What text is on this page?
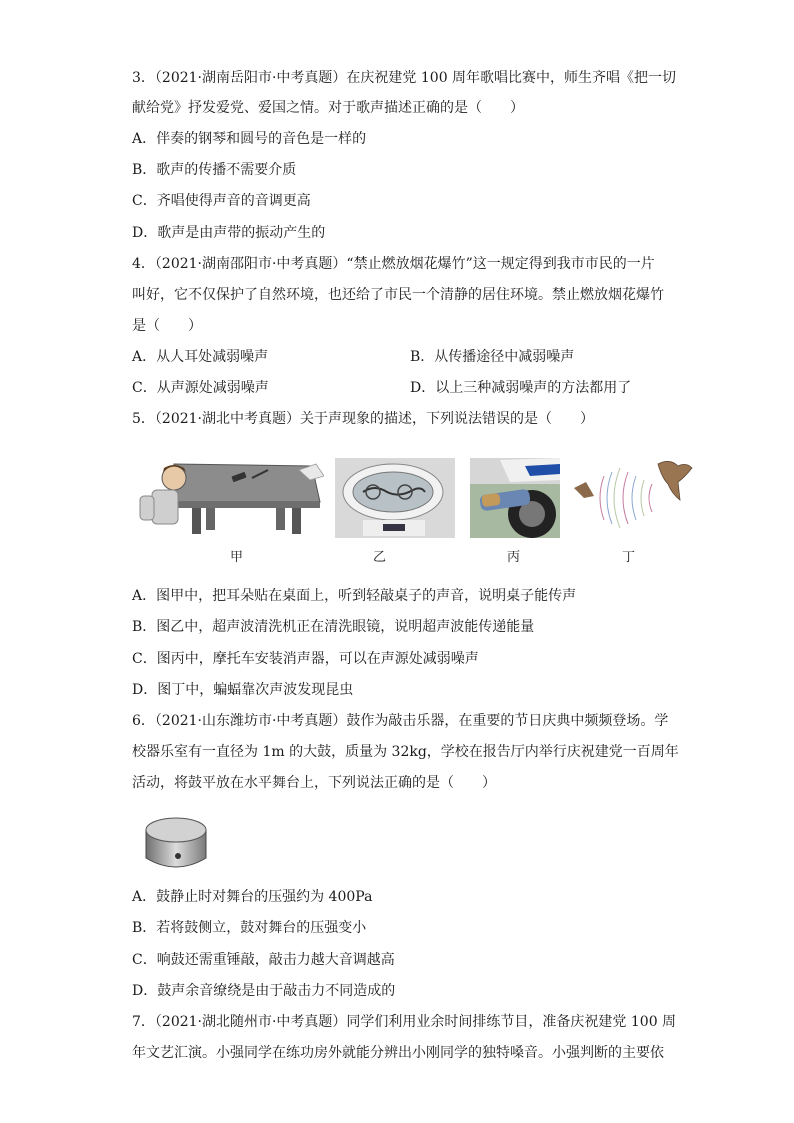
3．（2021·湖南岳阳市·中考真题）在庆祝建党 100 周年歌唱比赛中，师生齐唱《把一切
献给党》抒发爱党、爱国之情。对于歌声描述正确的是（　　）
A．伴奏的钢琴和圆号的音色是一样的
B．歌声的传播不需要介质
C．齐唱使得声音的音调更高
D．歌声是由声带的振动产生的
4．（2021·湖南邵阳市·中考真题）“禁止燃放烟花爆竹”这一规定得到我市市民的一片
叫好，它不仅保护了自然环境，也还给了市民一个清静的居住环境。禁止燃放烟花爆竹
是（　　）
A．从人耳处减弱噪声	B．从传播途径中减弱噪声
C．从声源处减弱噪声	D．以上三种减弱噪声的方法都用了
5．（2021·湖北中考真题）关于声现象的描述，下列说法错误的是（　　）
甲	乙	丙	丁
A．图甲中，把耳朵贴在桌面上，听到轻敲桌子的声音，说明桌子能传声
B．图乙中，超声波清洗机正在清洗眼镜，说明超声波能传递能量
C．图丙中，摩托车安装消声器，可以在声源处减弱噪声
D．图丁中，蝙蝠靠次声波发现昆虫
6．（2021·山东潍坊市·中考真题）鼓作为敲击乐器，在重要的节日庆典中频频登场。学
校器乐室有一直径为 1m 的大鼓，质量为 32kg，学校在报告厅内举行庆祝建党一百周年
活动，将鼓平放在水平舞台上，下列说法正确的是（　　）
A．鼓静止时对舞台的压强约为 400Pa
B．若将鼓侧立，鼓对舞台的压强变小
C．响鼓还需重锤敲，敲击力越大音调越高
D．鼓声余音缭绕是由于敲击力不同造成的
7．（2021·湖北随州市·中考真题）同学们利用业余时间排练节目，准备庆祝建党 100 周
年文艺汇演。小强同学在练功房外就能分辨出小刚同学的独特嗓音。小强判断的主要依
